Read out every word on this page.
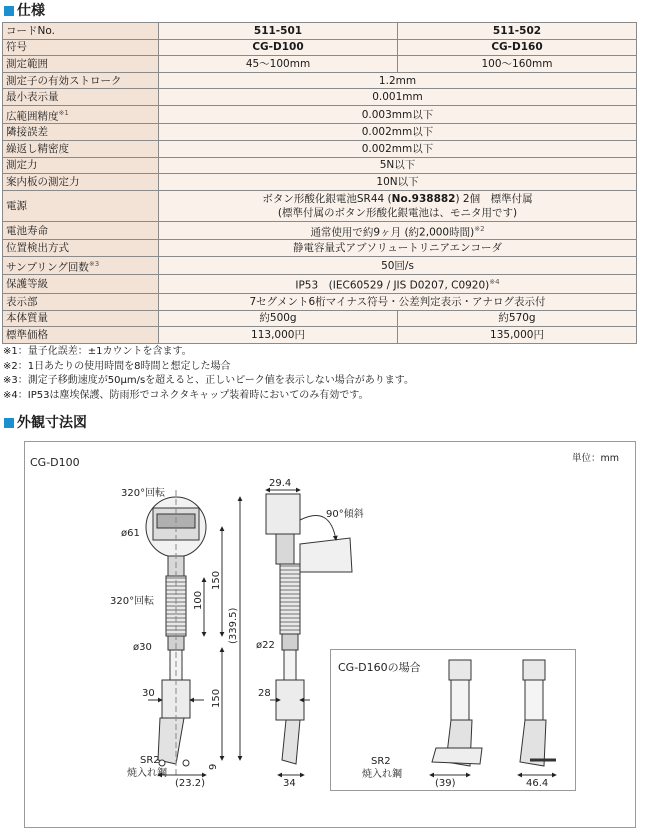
仕様
コードNo.	511-501	511-502
符号	CG-D100	CG-D160
測定範囲	45～100mm	100～160mm
測定子の有効ストローク	1.2mm	
最小表示量	0.001mm	
広範囲精度$^{※1}$	0.003mm以下	
隣接誤差	0.002mm以下	
繰返し精密度	0.002mm以下	
測定力	5N以下	
案内板の測定力	10N以下	
電源	ボタン形酸化銀電池SR44 (No.938882) 2個　標準付属
(標準付属のボタン形酸化銀電池は、モニタ用です)	
電池寿命	通常使用で約9ヶ月 (約2,000時間)$^{※2}$
位置検出方式	静電容量式アブソリュートリニアエンコーダ	
サンプリング回数$^{※3}$	50回/s	
保護等級	IP53　(IEC60529 / JIS D0207, C0920)$^{※4}$
表示部	7セグメント6桁マイナス符号・公差判定表示・アナログ表示付	
本体質量	約500g	約570g
標準価格	113,000円	135,000円
※1：量子化誤差：±1カウントを含ます。
※2：1日あたりの使用時間を8時間と想定した場合
※3：測定子移動速度が50μm/sを超えると、正しいピーク値を表示しない場合があります。
※4：IP53は塵埃保護、防雨形でコネクタキャップ装着時においてのみ有効です。
外観寸法図
CG-D100	単位：mm
320°回転
ø61
320°回転
150
100
(339.5)
ø30
30	150
9
SR2
焼入れ鋼
(23.2)
29.4
90°傾斜
ø22
28
34
CG-D160の場合
SR2
焼入れ鋼
(39)	46.4
